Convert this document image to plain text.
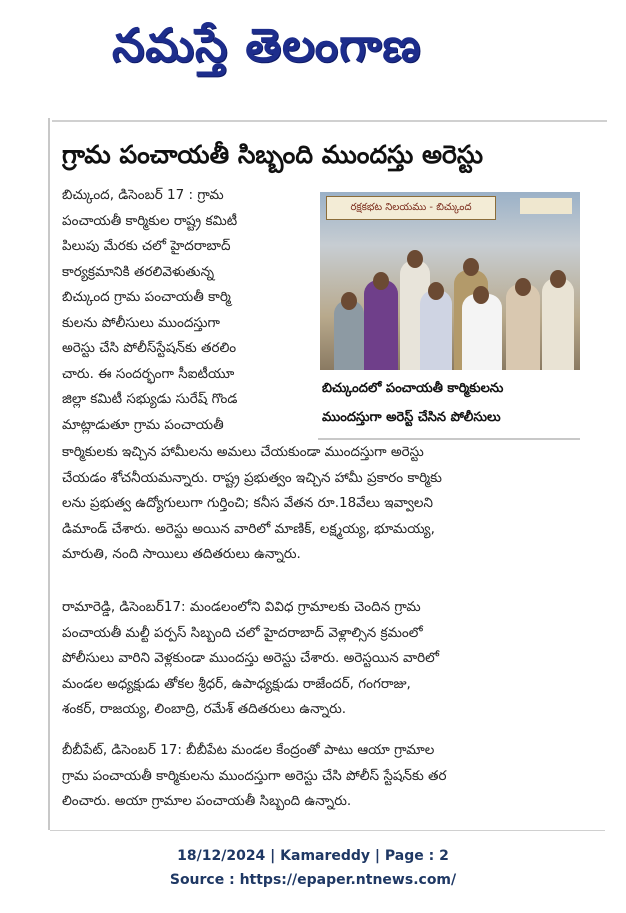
నమస్తే తెలంగాణ
గ్రామ పంచాయతీ సిబ్బంది ముందస్తు అరెస్టు
బిచ్కుంద, డిసెంబర్ 17 : గ్రామ
పంచాయతీ కార్మికుల రాష్ట్ర కమిటీ
పిలుపు మేరకు చలో హైదరాబాద్
కార్యక్రమానికి తరలివెళుతున్న
బిచ్కుంద గ్రామ పంచాయతీ కార్మి
కులను పోలీసులు ముందస్తుగా
అరెస్టు చేసి పోలీస్‌స్టేషన్‌కు తరలిం
చారు. ఈ సందర్భంగా సీఐటీయూ
జిల్లా కమిటీ సభ్యుడు సురేష్ గొండ
మాట్లాడుతూ గ్రామ పంచాయతీ
రక్షకభట నిలయము - బిచ్కుంద
బిచ్కుందలో పంచాయతీ కార్మికులను
ముందస్తుగా అరెస్ట్ చేసిన పోలీసులు
కార్మికులకు ఇచ్చిన హామీలను అమలు చేయకుండా ముందస్తుగా అరెస్టు
చేయడం శోచనీయమన్నారు. రాష్ట్ర ప్రభుత్వం ఇచ్చిన హామీ ప్రకారం కార్మికు
లను ప్రభుత్వ ఉద్యోగులుగా గుర్తించి; కనీస వేతన రూ.18వేలు ఇవ్వాలని
డిమాండ్ చేశారు. అరెస్టు అయిన వారిలో మాణిక్, లక్ష్మయ్య, భూమయ్య,
మారుతి, నంది సాయిలు తదితరులు ఉన్నారు.
రామారెడ్డి, డిసెంబర్17: మండలంలోని వివిధ గ్రామాలకు చెందిన గ్రామ
పంచాయతీ మల్టీ పర్పస్ సిబ్బంది చలో హైదరాబాద్ వెళ్లాల్సిన క్రమంలో
పోలీసులు వారిని వెళ్లకుండా ముందస్తు అరెస్టు చేశారు. అరెస్టయిన వారిలో
మండల అధ్యక్షుడు తోకల శ్రీధర్, ఉపాధ్యక్షుడు రాజేందర్, గంగరాజు,
శంకర్, రాజయ్య, లింబాద్రి, రమేశ్ తదితరులు ఉన్నారు.
బీబీపేట్, డిసెంబర్ 17: బీబీపేట మండల కేంద్రంతో పాటు ఆయా గ్రామాల
గ్రామ పంచాయతీ కార్మికులను ముందస్తుగా అరెస్టు చేసి పోలీస్ స్టేషన్‌కు తర
లించారు. అయా గ్రామాల పంచాయతీ సిబ్బంది ఉన్నారు.
18/12/2024 | Kamareddy | Page : 2
Source : https://epaper.ntnews.com/
